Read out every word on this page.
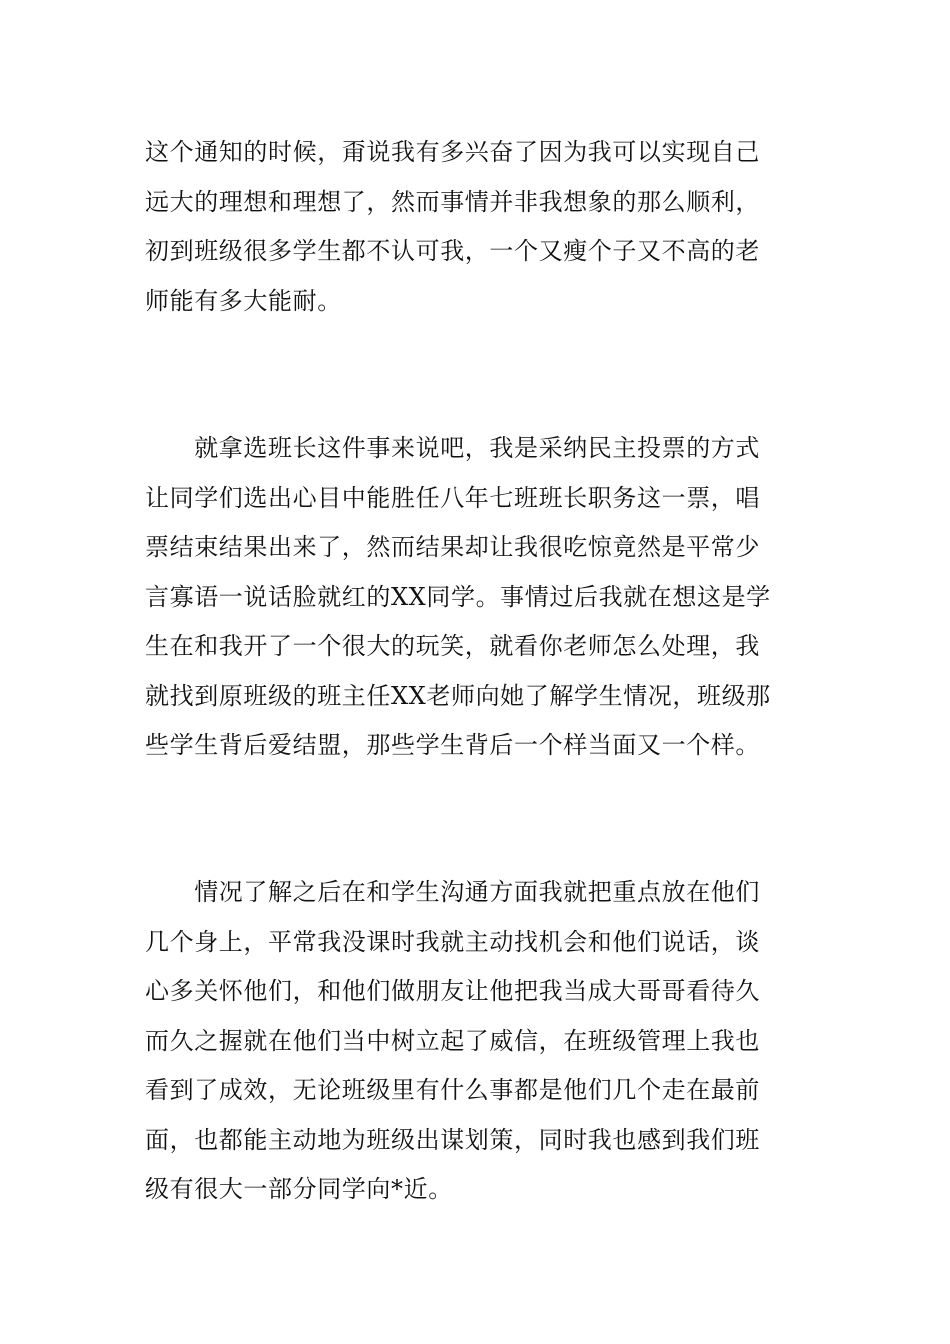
这个通知的时候，甭说我有多兴奋了因为我可以实现自己
远大的理想和理想了，然而事情并非我想象的那么顺利，
初到班级很多学生都不认可我，一个又瘦个子又不高的老
师能有多大能耐。

　　就拿选班长这件事来说吧，我是采纳民主投票的方式
让同学们选出心目中能胜任八年七班班长职务这一票，唱
票结束结果出来了，然而结果却让我很吃惊竟然是平常少
言寡语一说话脸就红的XX同学。事情过后我就在想这是学
生在和我开了一个很大的玩笑，就看你老师怎么处理，我
就找到原班级的班主任XX老师向她了解学生情况，班级那
些学生背后爱结盟，那些学生背后一个样当面又一个样。

　　情况了解之后在和学生沟通方面我就把重点放在他们
几个身上，平常我没课时我就主动找机会和他们说话，谈
心多关怀他们，和他们做朋友让他把我当成大哥哥看待久
而久之握就在他们当中树立起了威信，在班级管理上我也
看到了成效，无论班级里有什么事都是他们几个走在最前
面，也都能主动地为班级出谋划策，同时我也感到我们班
级有很大一部分同学向*近。
